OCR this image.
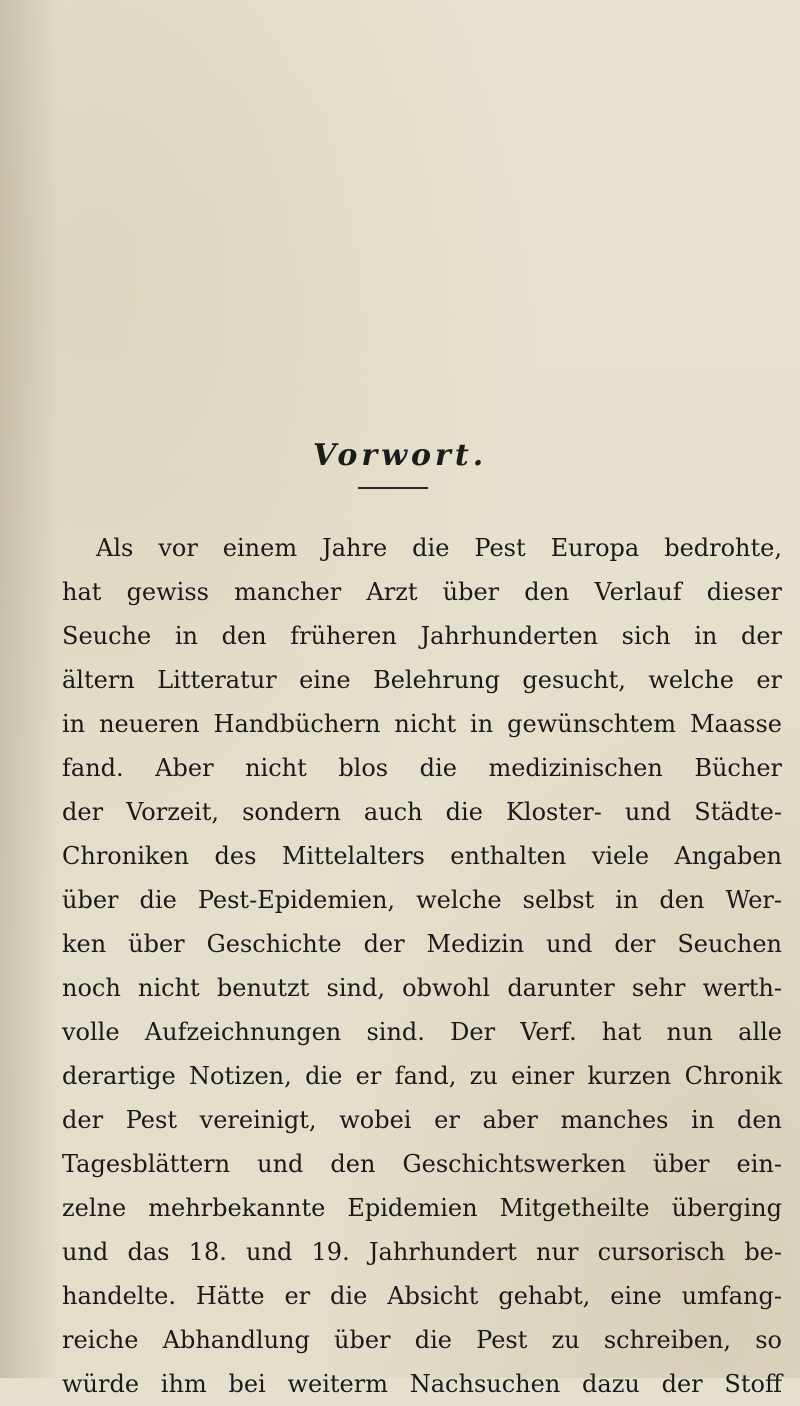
Vorwort.
Als vor einem Jahre die Pest Europa bedrohte,
hat gewiss mancher Arzt über den Verlauf dieser
Seuche in den früheren Jahrhunderten sich in der
ältern Litteratur eine Belehrung gesucht, welche er
in neueren Handbüchern nicht in gewünschtem Maasse
fand. Aber nicht blos die medizinischen Bücher
der Vorzeit, sondern auch die Kloster- und Städte-
Chroniken des Mittelalters enthalten viele Angaben
über die Pest-Epidemien, welche selbst in den Wer-
ken über Geschichte der Medizin und der Seuchen
noch nicht benutzt sind, obwohl darunter sehr werth-
volle Aufzeichnungen sind. Der Verf. hat nun alle
derartige Notizen, die er fand, zu einer kurzen Chronik
der Pest vereinigt, wobei er aber manches in den
Tagesblättern und den Geschichtswerken über ein-
zelne mehrbekannte Epidemien Mitgetheilte überging
und das 18. und 19. Jahrhundert nur cursorisch be-
handelte. Hätte er die Absicht gehabt, eine umfang-
reiche Abhandlung über die Pest zu schreiben, so
würde ihm bei weiterm Nachsuchen dazu der Stoff
